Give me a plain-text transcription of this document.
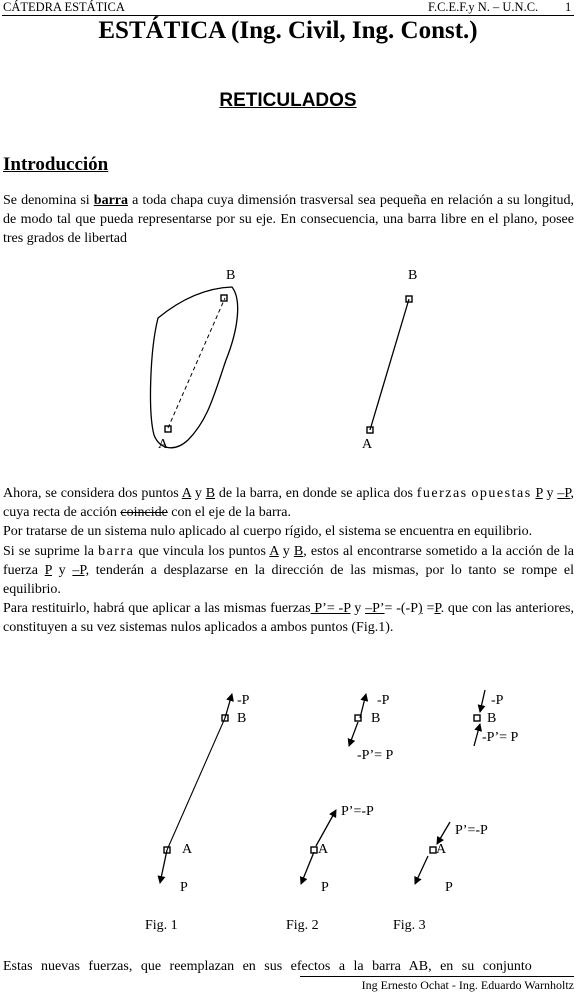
CÁTEDRA ESTÁTICA	F.C.E.F.y N. – U.N.C. 1
ESTÁTICA (Ing. Civil, Ing. Const.)
RETICULADOS
Introducción

Se denomina si barra a toda chapa cuya dimensión trasversal sea pequeña en relación a su longitud, de modo tal que pueda representarse por su eje. En consecuencia, una barra libre en el plano, posee tres grados de libertad

B
A
B
A

Ahora, se considera dos puntos A y B de la barra, en donde se aplica dos fuerzas opuestas P y –P, cuya recta de acción coincide con el eje de la barra.

Por tratarse de un sistema nulo aplicado al cuerpo rígido, el sistema se encuentra en equilibrio.

Si se suprime la barra que vincula los puntos A y B, estos al encontrarse sometido a la acción de la fuerza P y –P, tenderán a desplazarse en la dirección de las mismas, por lo tanto se rompe el equilibrio.

Para restituirlo, habrá que aplicar a las mismas fuerzas P’= -P y –P’= -(-P) =P. que con las anteriores, constituyen a su vez sistemas nulos aplicados a ambos puntos (Fig.1).

-P
B
A
P
Fig. 1
-P
B
-P’= P
P’=-P
A
P
Fig. 2
-P
B
-P’= P
P’=-P
A
P
Fig. 3
Estas nuevas fuerzas, que reemplazan en sus efectos a la barra AB, en su conjunto
Ing Ernesto Ochat - Ing. Eduardo Warnholtz
